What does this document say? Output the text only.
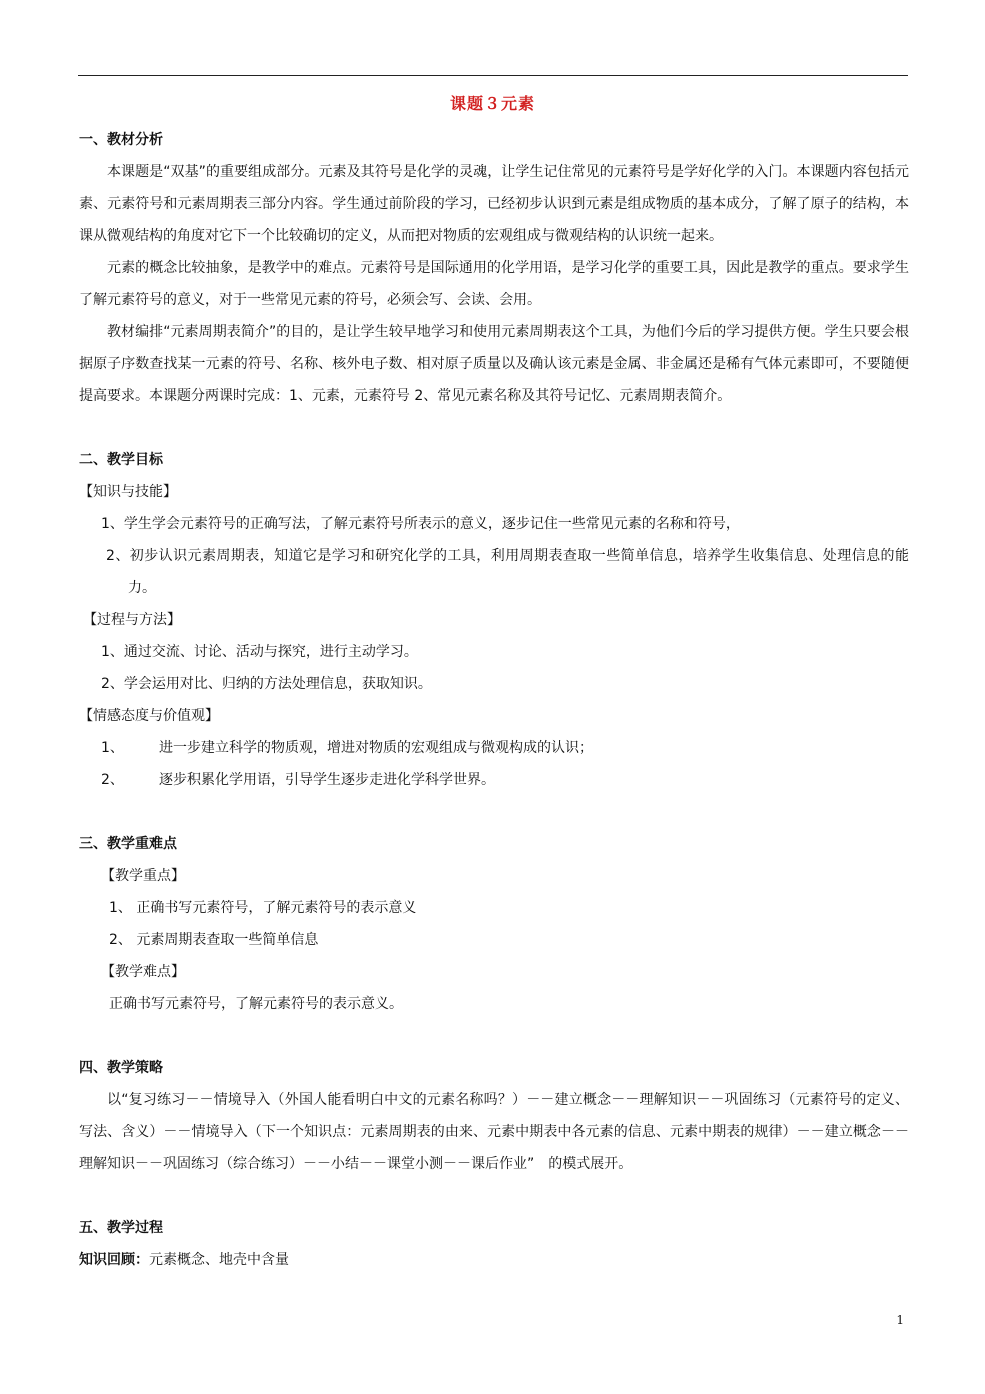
课题３元素
一、教材分析
本课题是“双基”的重要组成部分。元素及其符号是化学的灵魂，让学生记住常见的元素符号是学好化学的入门。本课题内容包括元素、元素符号和元素周期表三部分内容。学生通过前阶段的学习，已经初步认识到元素是组成物质的基本成分，了解了原子的结构，本课从微观结构的角度对它下一个比较确切的定义，从而把对物质的宏观组成与微观结构的认识统一起来。
元素的概念比较抽象，是教学中的难点。元素符号是国际通用的化学用语，是学习化学的重要工具，因此是教学的重点。要求学生了解元素符号的意义，对于一些常见元素的符号，必须会写、会读、会用。
教材编排“元素周期表简介”的目的，是让学生较早地学习和使用元素周期表这个工具，为他们今后的学习提供方便。学生只要会根据原子序数查找某一元素的符号、名称、核外电子数、相对原子质量以及确认该元素是金属、非金属还是稀有气体元素即可，不要随便提高要求。本课题分两课时完成：1、元素，元素符号 2、常见元素名称及其符号记忆、元素周期表简介。
二、教学目标
【知识与技能】
1、学生学会元素符号的正确写法，了解元素符号所表示的意义，逐步记住一些常见元素的名称和符号，
2、初步认识元素周期表，知道它是学习和研究化学的工具，利用周期表查取一些简单信息，培养学生收集信息、处理信息的能力。
【过程与方法】
1、通过交流、讨论、活动与探究，进行主动学习。
2、学会运用对比、归纳的方法处理信息，获取知识。
【情感态度与价值观】
1、	进一步建立科学的物质观，增进对物质的宏观组成与微观构成的认识；
2、	逐步积累化学用语，引导学生逐步走进化学科学世界。
三、教学重难点
【教学重点】
1、 正确书写元素符号，了解元素符号的表示意义
2、 元素周期表查取一些简单信息
【教学难点】
正确书写元素符号，了解元素符号的表示意义。
四、教学策略
以“复习练习－－情境导入（外国人能看明白中文的元素名称吗？）－－建立概念－－理解知识－－巩固练习（元素符号的定义、写法、含义）－－情境导入（下一个知识点：元素周期表的由来、元素中期表中各元素的信息、元素中期表的规律）－－建立概念－－理解知识－－巩固练习（综合练习）－－小结－－课堂小测－－课后作业”　的模式展开。
五、教学过程
知识回顾：元素概念、地壳中含量
1
